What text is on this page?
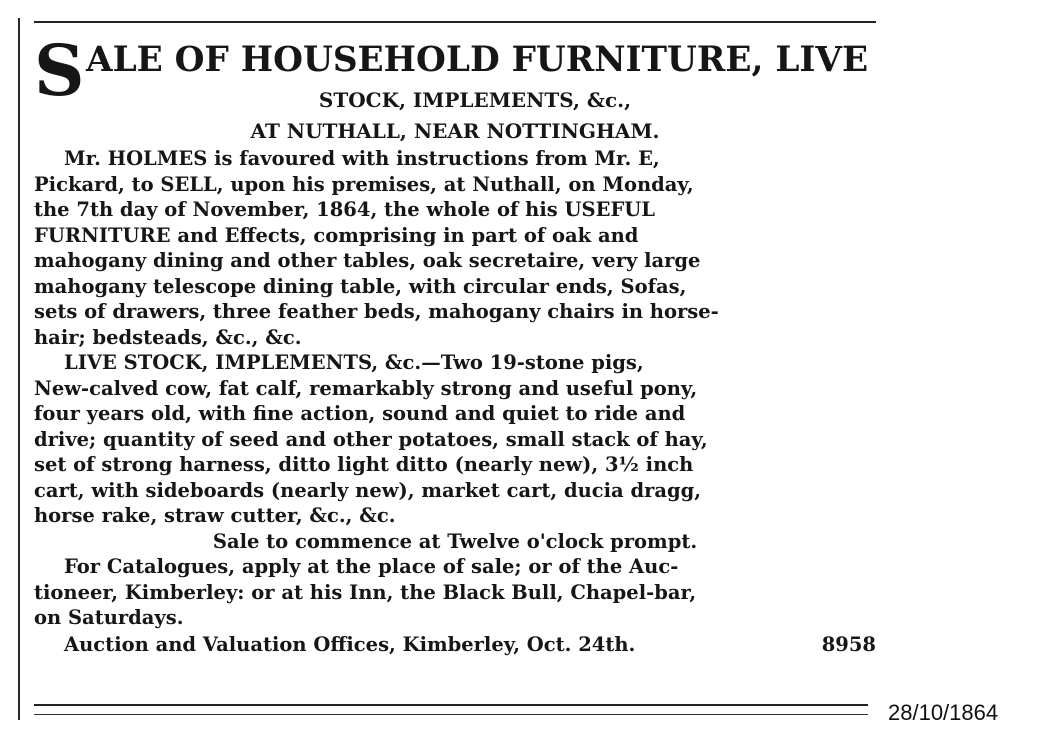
S ALE OF HOUSEHOLD FURNITURE, LIVE
STOCK, IMPLEMENTS, &c.,
AT NUTHALL, NEAR NOTTINGHAM.
Mr. HOLMES is favoured with instructions from Mr. E,
Pickard, to SELL, upon his premises, at Nuthall, on Monday,
the 7th day of November, 1864, the whole of his USEFUL
FURNITURE and Effects, comprising in part of oak and
mahogany dining and other tables, oak secretaire, very large
mahogany telescope dining table, with circular ends, Sofas,
sets of drawers, three feather beds, mahogany chairs in horse-
hair; bedsteads, &c., &c.
LIVE STOCK, IMPLEMENTS, &c.—Two 19-stone pigs,
New-calved cow, fat calf, remarkably strong and useful pony,
four years old, with fine action, sound and quiet to ride and
drive; quantity of seed and other potatoes, small stack of hay,
set of strong harness, ditto light ditto (nearly new), 3½ inch
cart, with sideboards (nearly new), market cart, ducia dragg,
horse rake, straw cutter, &c., &c.
Sale to commence at Twelve o'clock prompt.
For Catalogues, apply at the place of sale; or of the Auc-
tioneer, Kimberley: or at his Inn, the Black Bull, Chapel-bar,
on Saturdays.
Auction and Valuation Offices, Kimberley, Oct. 24th.	8958
28/10/1864
